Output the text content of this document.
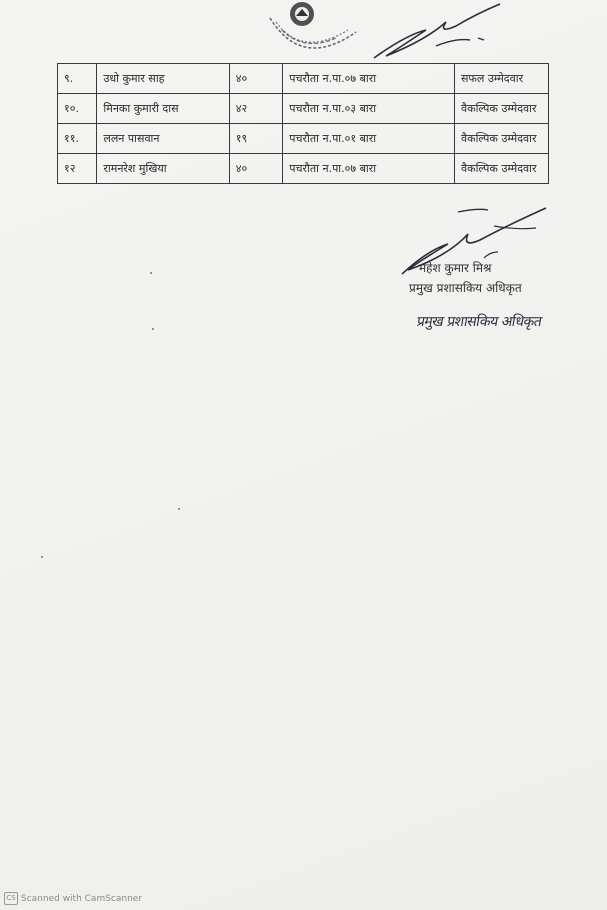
९.	उधो कुमार साह	४०	पचरौता न.पा.०७ बारा	सफल उम्मेदवार
१०.	मिनका कुमारी दास	४२	पचरौता न.पा.०३ बारा	वैकल्पिक उम्मेदवार
११.	ललन पासवान	१९	पचरौता न.पा.०१ बारा	वैकल्पिक उम्मेदवार
१२	रामनरेश मुखिया	४०	पचरौता न.पा.०७ बारा	वैकल्पिक उम्मेदवार
महेश कुमार मिश्र
प्रमुख प्रशासकिय अधिकृत
प्रमुख प्रशासकिय अधिकृत
CS Scanned with CamScanner
